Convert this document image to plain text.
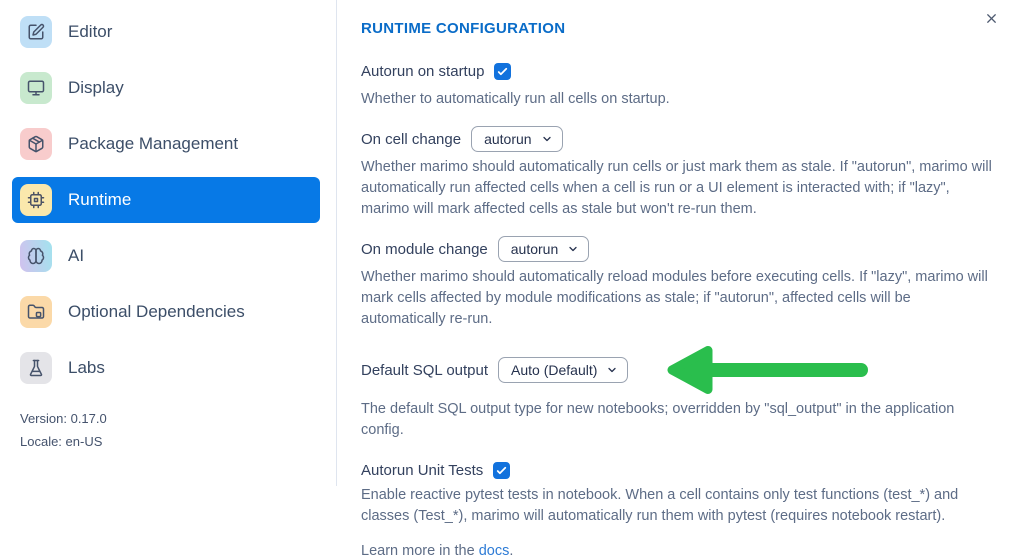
Editor
Display
Package Management
Runtime
AI
Optional Dependencies
Labs
Version: 0.17.0
Locale: en-US
RUNTIME CONFIGURATION
Autorun on startup

Whether to automatically run all cells on startup.

On cell change autorun

Whether marimo should automatically run cells or just mark them as stale. If "autorun", marimo will automatically run affected cells when a cell is run or a UI element is interacted with; if "lazy", marimo will mark affected cells as stale but won't re-run them.

On module change autorun

Whether marimo should automatically reload modules before executing cells. If "lazy", marimo will mark cells affected by module modifications as stale; if "autorun", affected cells will be automatically re-run.

Default SQL output Auto (Default)

The default SQL output type for new notebooks; overridden by "sql_output" in the application config.

Autorun Unit Tests

Enable reactive pytest tests in notebook. When a cell contains only test functions (test_*) and classes (Test_*), marimo will automatically run them with pytest (requires notebook restart).

Learn more in the docs.
